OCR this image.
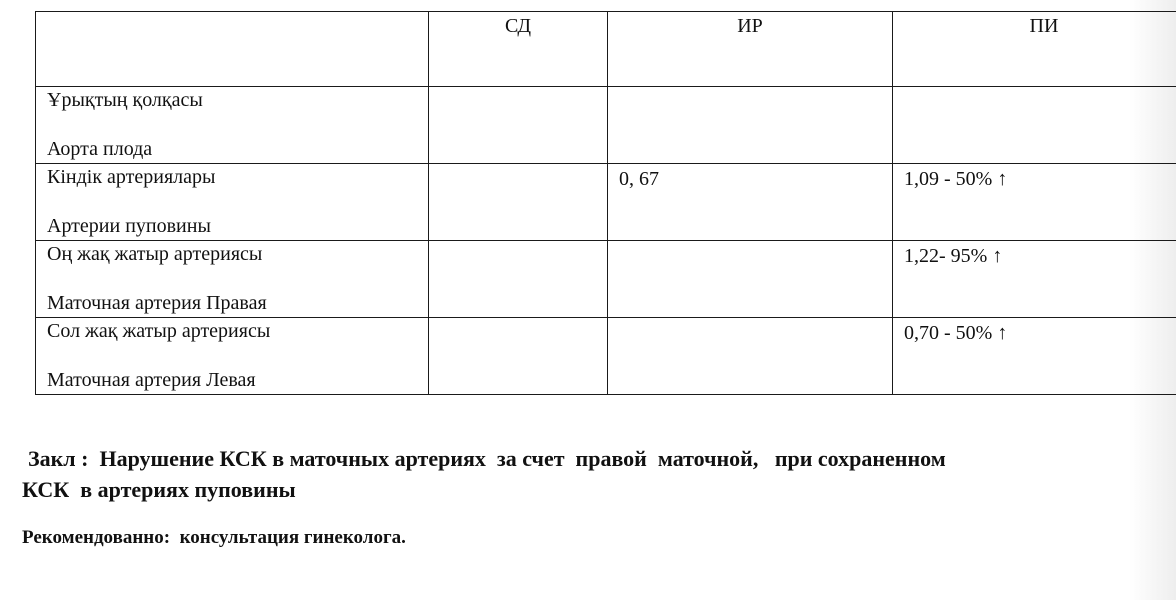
	СД	ИР	ПИ

Ұрықтың қолқасы
Аорта плода			

Кіндік артериялары
Артерии пуповины		0, 67	1,09 - 50% ↑

Оң жақ жатыр артериясы
Маточная артерия Правая			1,22- 95% ↑

Сол жақ жатыр артериясы
Маточная артерия Левая			0,70 - 50% ↑
Закл :  Нарушение КСК в маточных артериях  за счет  правой  маточной,   при сохраненном
КСК  в артериях пуповины
Рекомендованно:  консультация гинеколога.
